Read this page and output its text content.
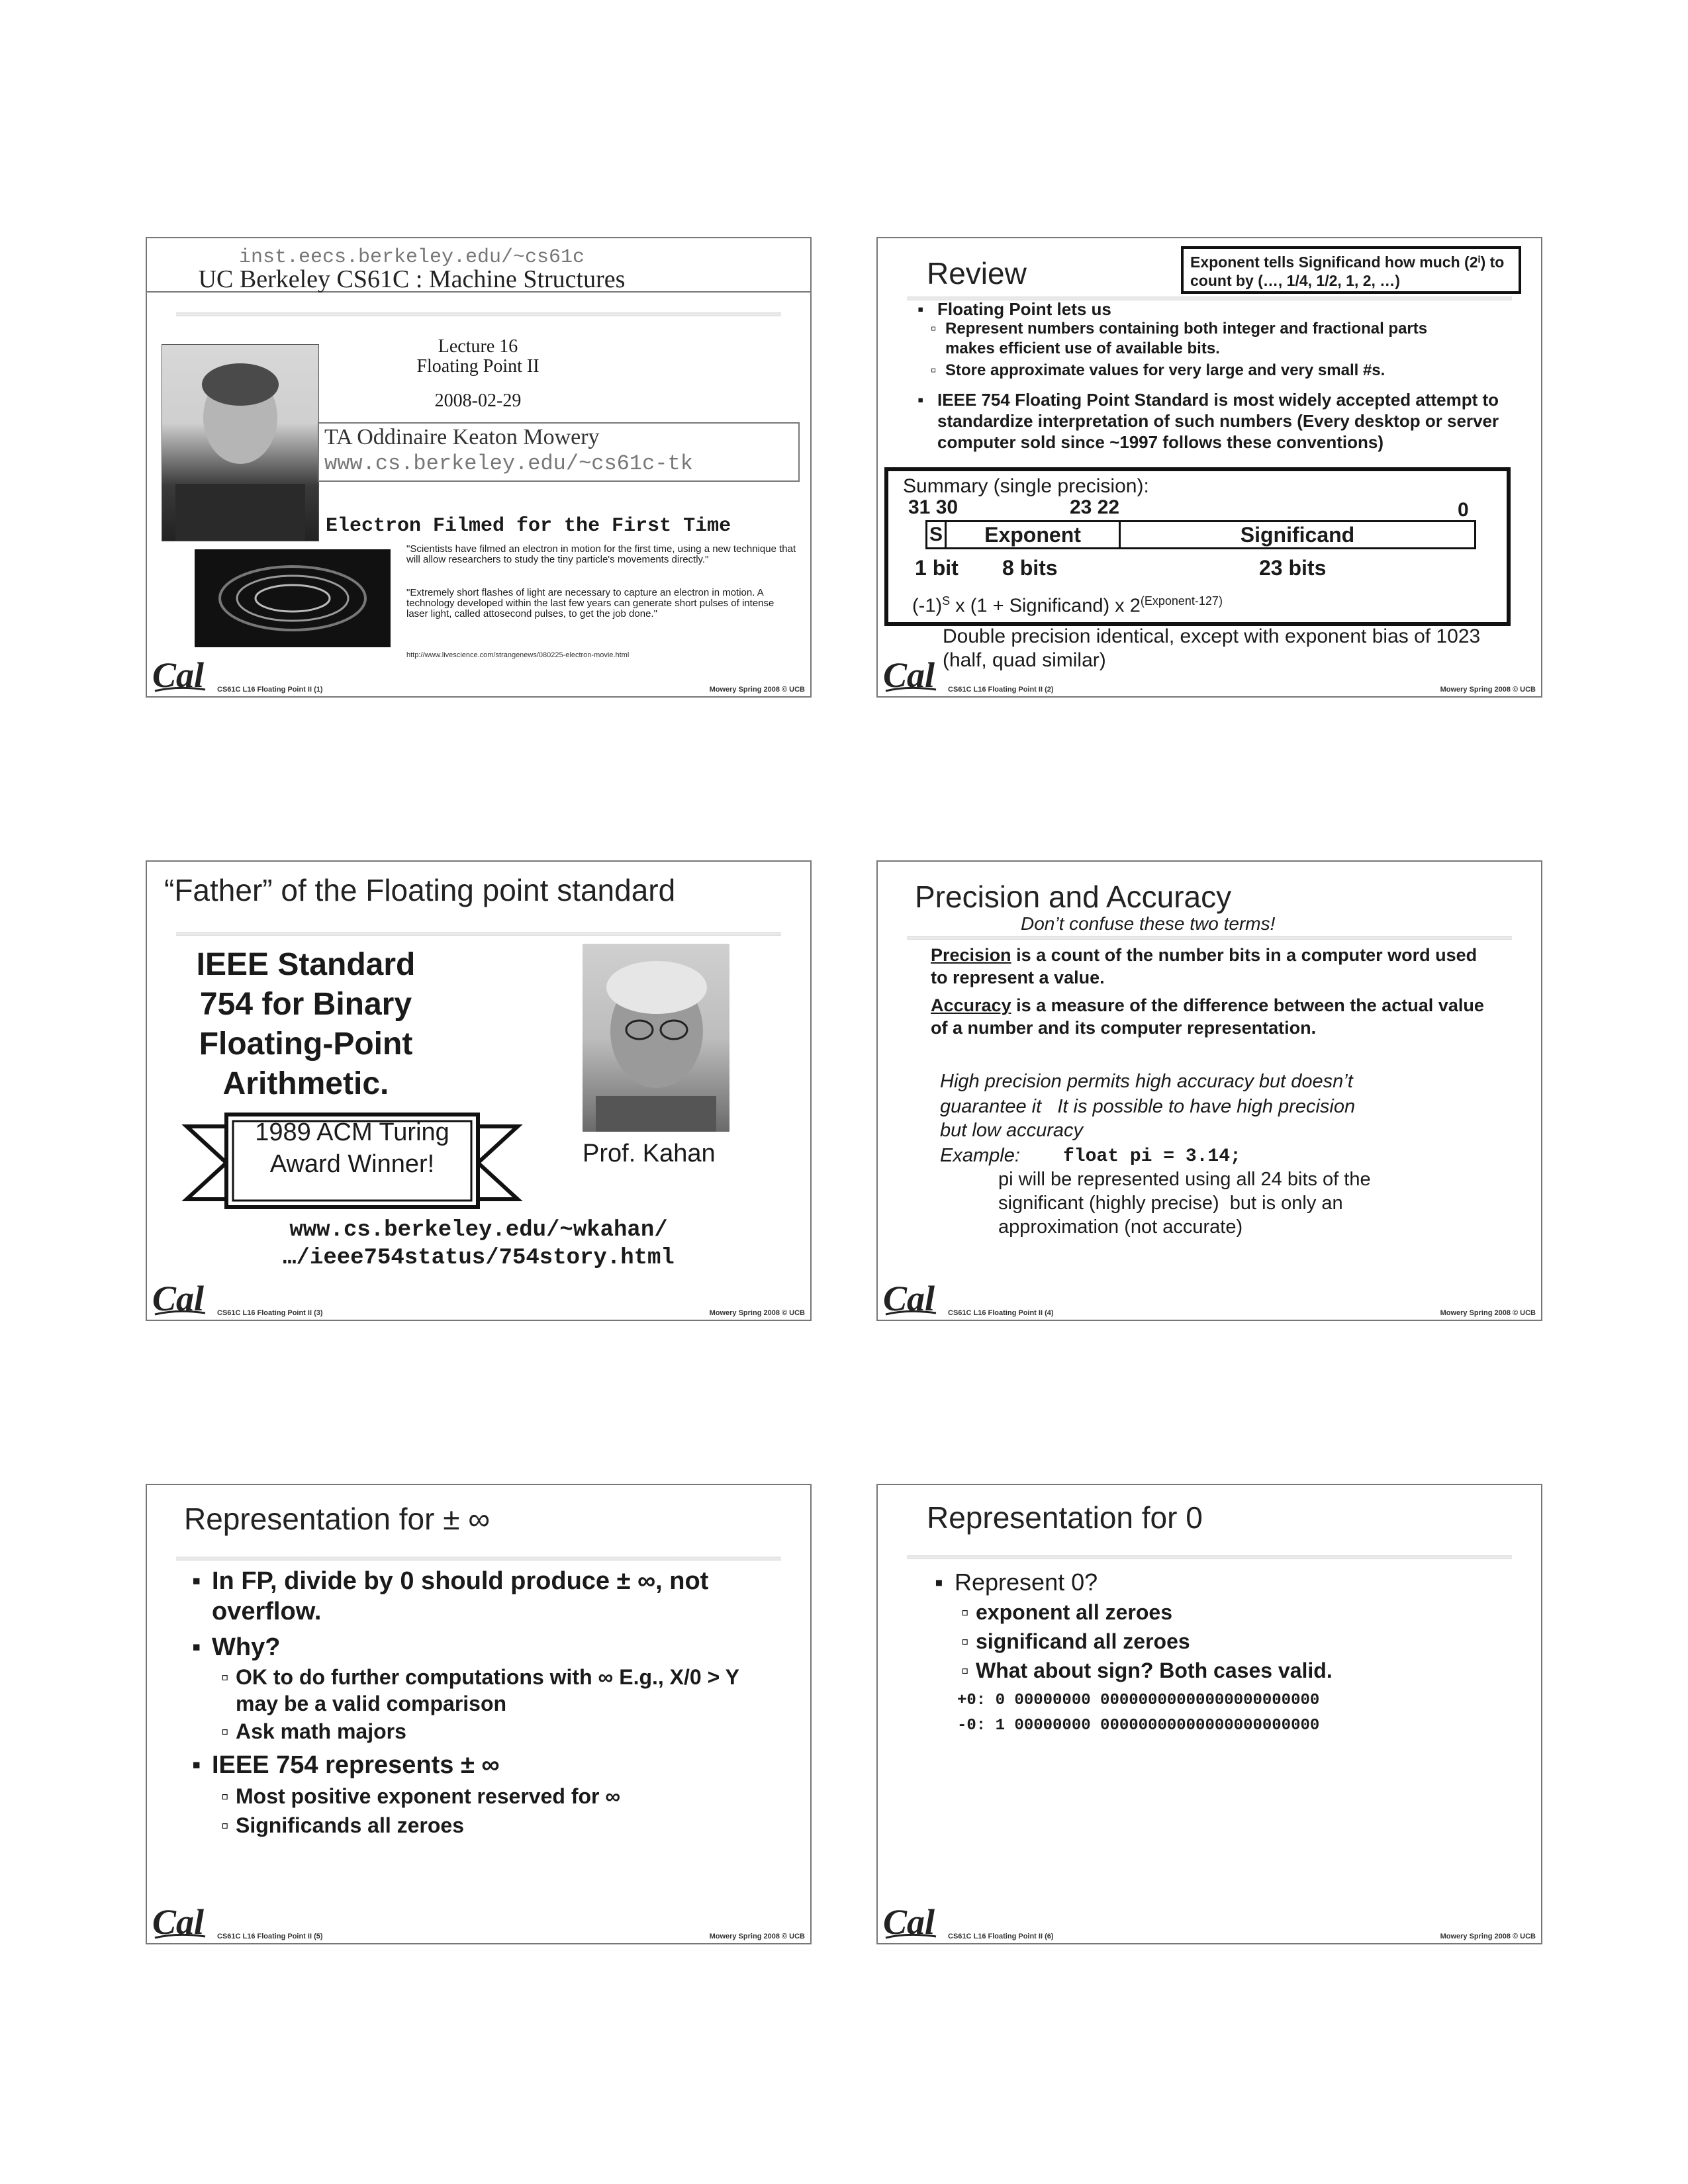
inst.eecs.berkeley.edu/~cs61c
UC Berkeley CS61C : Machine Structures
Lecture 16
Floating Point II
2008-02-29
TA Oddinaire Keaton Mowery
www.cs.berkeley.edu/~cs61c-tk
Electron Filmed for the First Time
"Scientists have filmed an electron in motion for the first time, using a new technique that will allow researchers to study the tiny particle's movements directly."
"Extremely short flashes of light are necessary to capture an electron in motion. A technology developed within the last few years can generate short pulses of intense laser light, called attosecond pulses, to get the job done."
http://www.livescience.com/strangenews/080225-electron-movie.html
CS61C L16 Floating Point II (1)	Mowery Spring 2008 © UCB
Review	Exponent tells Significand how much (2ⁱ) to count by (…, 1/4, 1/2, 1, 2, …)
▪ Floating Point lets us
▫ Represent numbers containing both integer and fractional parts makes efficient use of available bits.
▫ Store approximate values for very large and very small #s.
▪ IEEE 754 Floating Point Standard is most widely accepted attempt to standardize interpretation of such numbers (Every desktop or server computer sold since ~1997 follows these conventions)
Summary (single precision):
31 30	23 22	0
S	Exponent	Significand
1 bit 8 bits	23 bits
$(-1)^S$ x (1 + Significand) x $2^{(Exponent-127)}$
Double precision identical, except with exponent bias of 1023 (half, quad similar)
CS61C L16 Floating Point II (2)	Mowery Spring 2008 © UCB
“Father” of the Floating point standard
IEEE Standard
754 for Binary
Floating-Point
Arithmetic.
1989 ACM Turing
Award Winner!	Prof. Kahan
www.cs.berkeley.edu/~wkahan/
…/ieee754status/754story.html
CS61C L16 Floating Point II (3)	Mowery Spring 2008 © UCB
Precision and Accuracy
Don’t confuse these two terms!
Precision is a count of the number bits in a computer word used to represent a value.
Accuracy is a measure of the difference between the actual value of a number and its computer representation.
High precision permits high accuracy but doesn’t
guarantee it   It is possible to have high precision
but low accuracy
Example: float pi = 3.14;
pi will be represented using all 24 bits of the
significant (highly precise)  but is only an
approximation (not accurate)
CS61C L16 Floating Point II (4)	Mowery Spring 2008 © UCB
Representation for ± ∞
▪ In FP, divide by 0 should produce ± ∞, not overflow.
▪ Why?
▫ OK to do further computations with ∞ E.g., X/0 > Y may be a valid comparison
▫ Ask math majors
▪ IEEE 754 represents ± ∞
▫ Most positive exponent reserved for ∞
▫ Significands all zeroes
CS61C L16 Floating Point II (5)	Mowery Spring 2008 © UCB
Representation for 0
▪ Represent 0?
▫ exponent all zeroes
▫ significand all zeroes
▫ What about sign? Both cases valid.
+0: 0 00000000 00000000000000000000000
-0: 1 00000000 00000000000000000000000
CS61C L16 Floating Point II (6)	Mowery Spring 2008 © UCB
